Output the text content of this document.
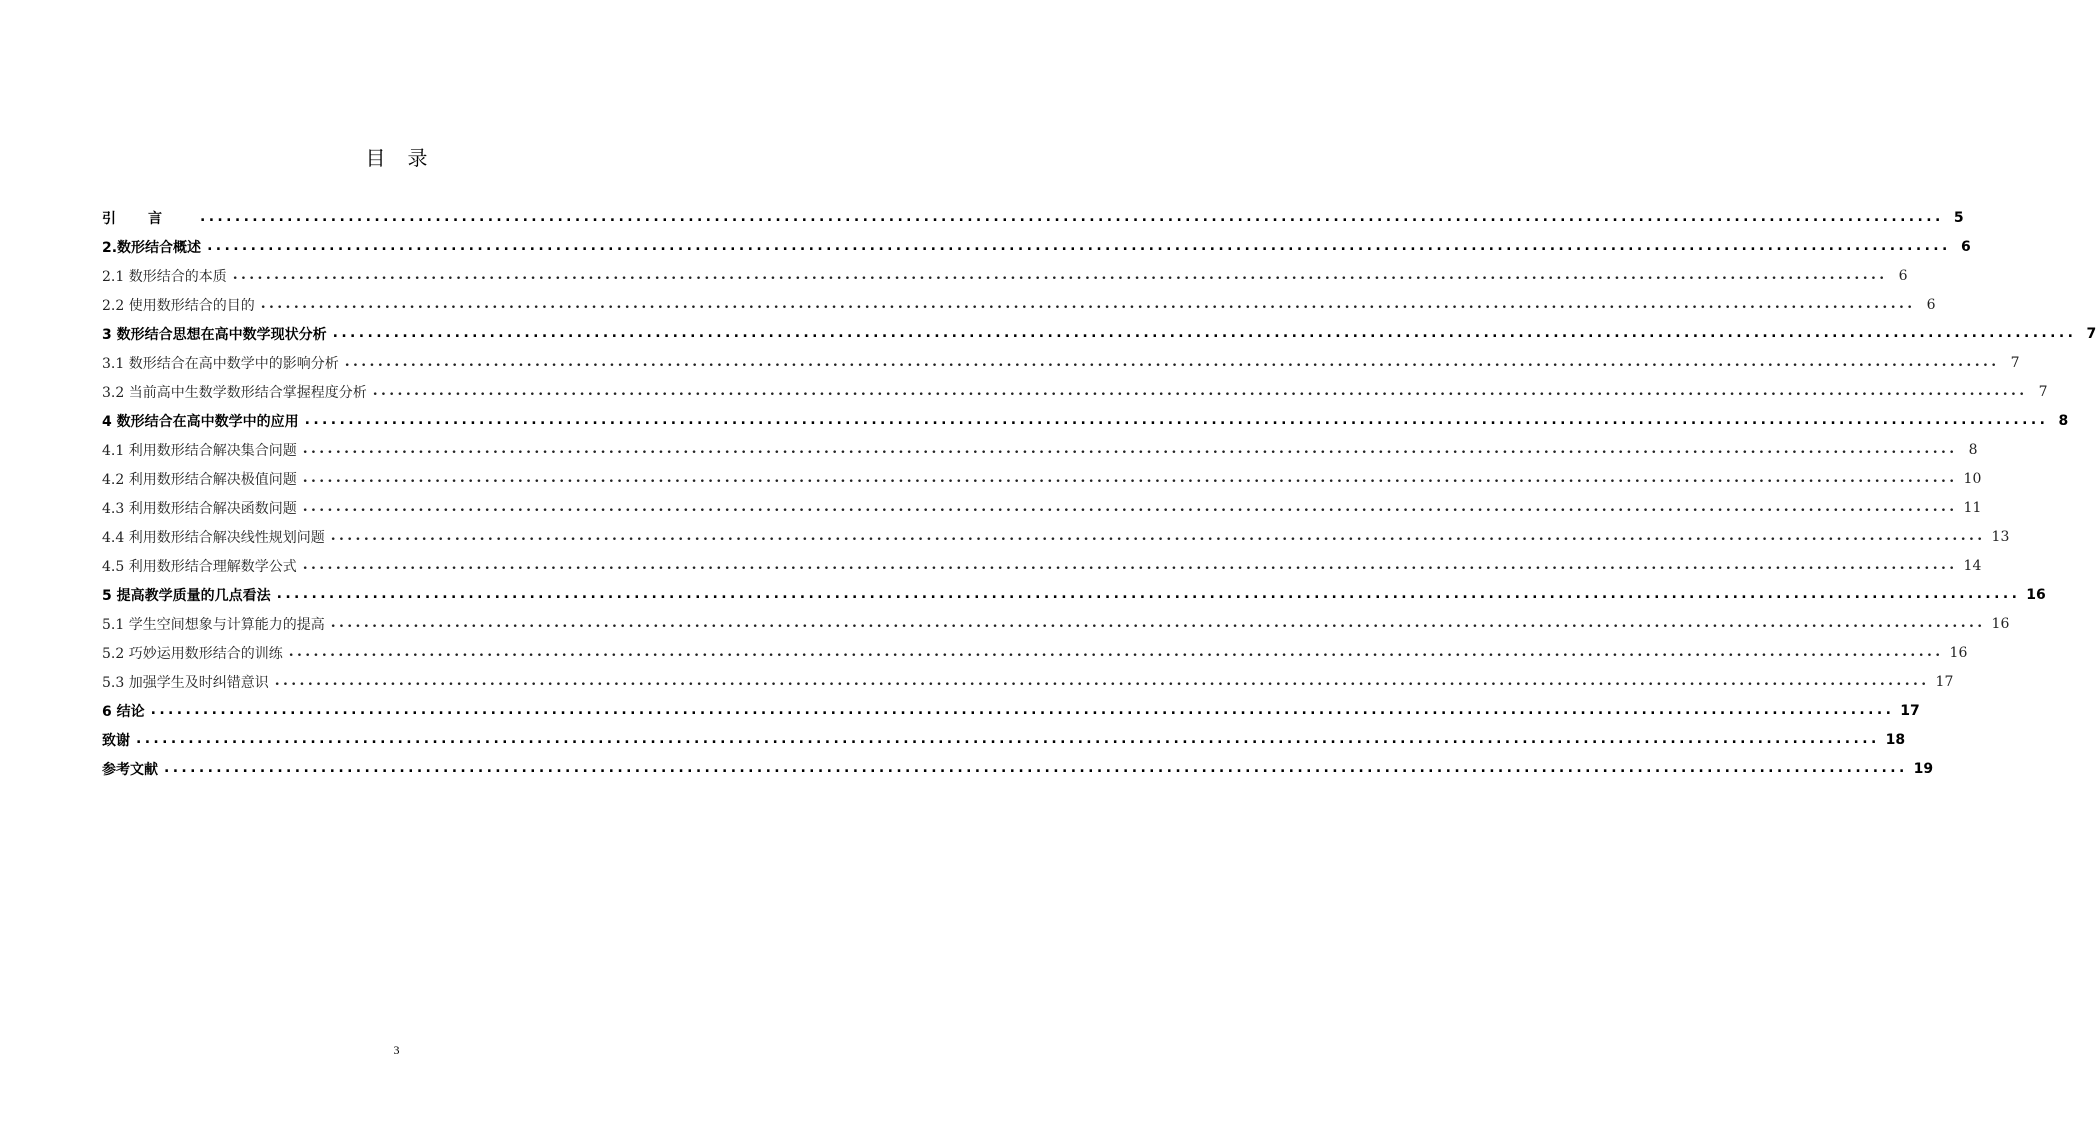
目录
引言 ........................................................................................................................................................................................................ 5
2.数形结合概述 ........................................................................................................................................................................................................ 6
2.1 数形结合的本质 ........................................................................................................................................................................................................ 6
2.2 使用数形结合的目的 ........................................................................................................................................................................................................ 6
3 数形结合思想在高中数学现状分析 ........................................................................................................................................................................................................ 7
3.1 数形结合在高中数学中的影响分析 ........................................................................................................................................................................................................ 7
3.2 当前高中生数学数形结合掌握程度分析 ........................................................................................................................................................................................................ 7
4 数形结合在高中数学中的应用 ........................................................................................................................................................................................................ 8
4.1 利用数形结合解决集合问题 ........................................................................................................................................................................................................ 8
4.2 利用数形结合解决极值问题 ........................................................................................................................................................................................................ 10
4.3 利用数形结合解决函数问题 ........................................................................................................................................................................................................ 11
4.4 利用数形结合解决线性规划问题 ........................................................................................................................................................................................................ 13
4.5 利用数形结合理解数学公式 ........................................................................................................................................................................................................ 14
5 提高教学质量的几点看法 ........................................................................................................................................................................................................ 16
5.1 学生空间想象与计算能力的提高 ........................................................................................................................................................................................................ 16
5.2 巧妙运用数形结合的训练 ........................................................................................................................................................................................................ 16
5.3 加强学生及时纠错意识 ........................................................................................................................................................................................................ 17
6 结论 ........................................................................................................................................................................................................ 17
致谢 ........................................................................................................................................................................................................ 18
参考文献 ........................................................................................................................................................................................................ 19
3
